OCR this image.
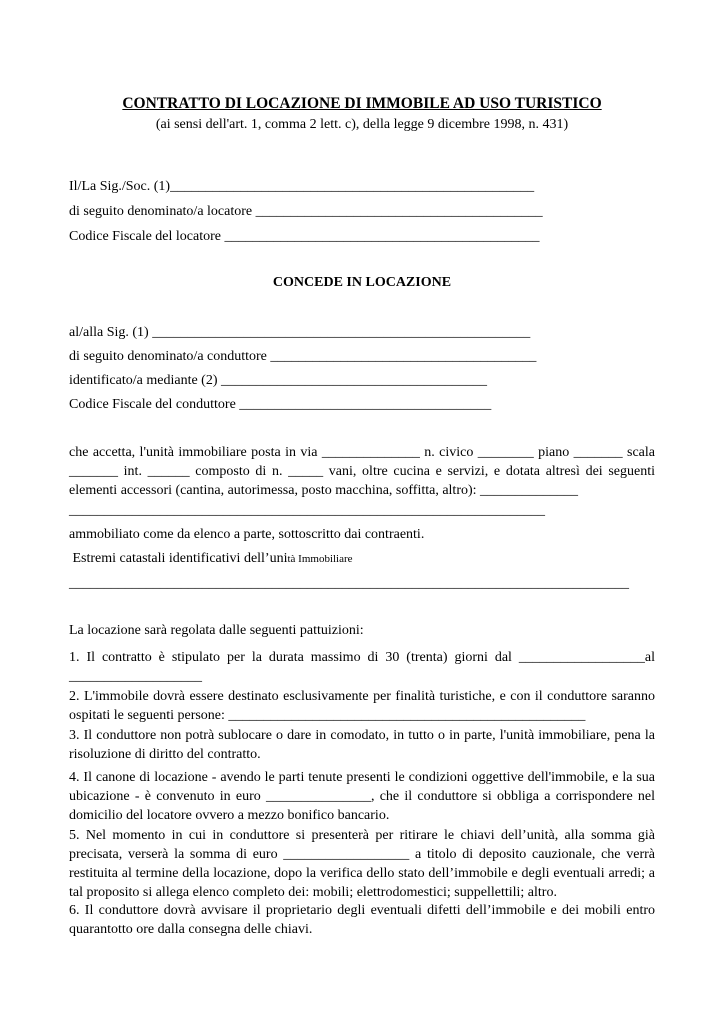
CONTRATTO DI LOCAZIONE DI IMMOBILE AD USO TURISTICO
(ai sensi dell'art. 1, comma 2 lett. c), della legge 9 dicembre 1998, n. 431)
Il/La Sig./Soc. (1)____________________________________________________
di seguito denominato/a locatore _________________________________________
Codice Fiscale del locatore _____________________________________________
CONCEDE IN LOCAZIONE
al/alla Sig. (1) ______________________________________________________
di seguito denominato/a conduttore ______________________________________
identificato/a mediante (2) ______________________________________
Codice Fiscale del conduttore ____________________________________
che accetta, l'unità immobiliare posta in via ______________ n. civico ________ piano _______ scala _______ int. ______ composto di n. _____ vani, oltre cucina e servizi, e dotata altresì dei seguenti elementi accessori (cantina, autorimessa, posto macchina, soffitta, altro): ______________
____________________________________________________________________
ammobiliato come da elenco a parte, sottoscritto dai contraenti.
Estremi catastali identificativi dell’unità Immobiliare
________________________________________________________________________________
La locazione sarà regolata dalle seguenti pattuizioni:
1. Il contratto è stipulato per la durata massimo di 30 (trenta) giorni dal __________________al ___________________
2. L'immobile dovrà essere destinato esclusivamente per finalità turistiche, e con il conduttore saranno ospitati le seguenti persone: ___________________________________________________
3. Il conduttore non potrà sublocare o dare in comodato, in tutto o in parte, l'unità immobiliare, pena la risoluzione di diritto del contratto.
4. Il canone di locazione - avendo le parti tenute presenti le condizioni oggettive dell'immobile, e la sua ubicazione - è convenuto in euro _______________, che il conduttore si obbliga a corrispondere nel domicilio del locatore ovvero a mezzo bonifico bancario.
5. Nel momento in cui in conduttore si presenterà per ritirare le chiavi dell’unità, alla somma già precisata, verserà la somma di euro __________________ a titolo di deposito cauzionale, che verrà restituita al termine della locazione, dopo la verifica dello stato dell’immobile e degli eventuali arredi; a tal proposito si allega elenco completo dei: mobili; elettrodomestici; suppellettili; altro.
6. Il conduttore dovrà avvisare il proprietario degli eventuali difetti dell’immobile e dei mobili entro quarantotto ore dalla consegna delle chiavi.
